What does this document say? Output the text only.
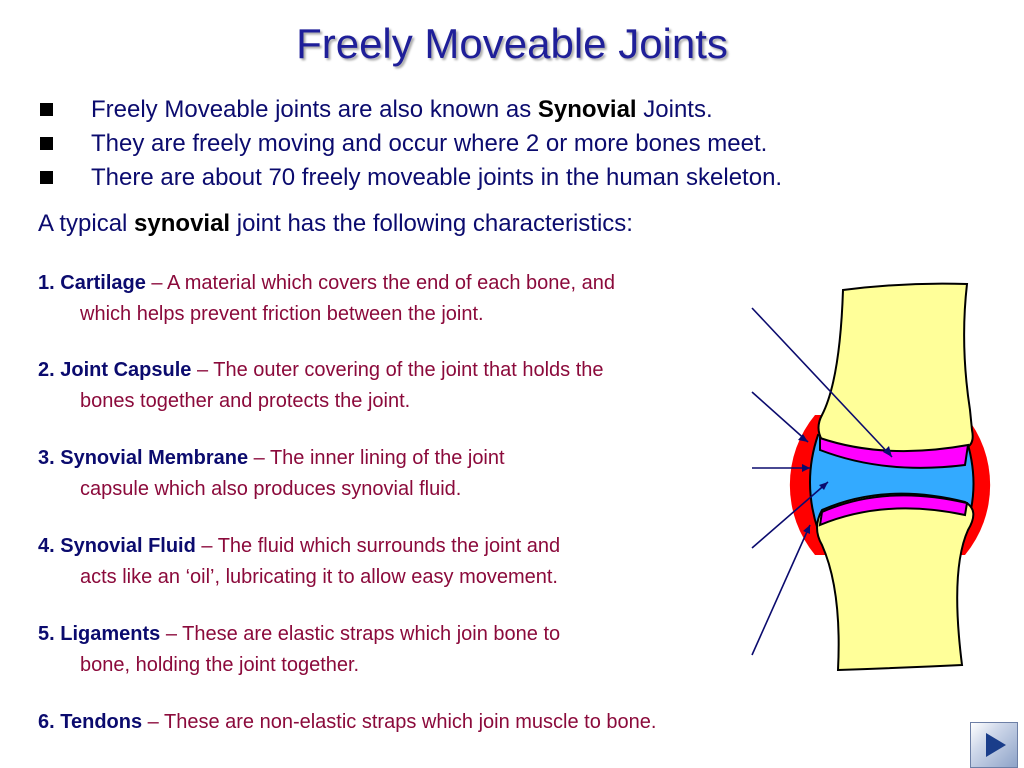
Freely Moveable Joints
Freely Moveable joints are also known as Synovial Joints.
They are freely moving and occur where 2 or more bones meet.
There are about 70 freely moveable joints in the human skeleton.
A typical synovial joint has the following characteristics:
1. Cartilage – A material which covers the end of each bone, and
which helps prevent friction between the joint.
2. Joint Capsule – The outer covering of the joint that holds the
bones together and protects the joint.
3. Synovial Membrane – The inner lining of the joint
capsule which also produces synovial fluid.
4. Synovial Fluid – The fluid which surrounds the joint and
acts like an ‘oil’, lubricating it to allow easy movement.
5. Ligaments – These are elastic straps which join bone to
bone, holding the joint together.
6. Tendons – These are non-elastic straps which join muscle to bone.
